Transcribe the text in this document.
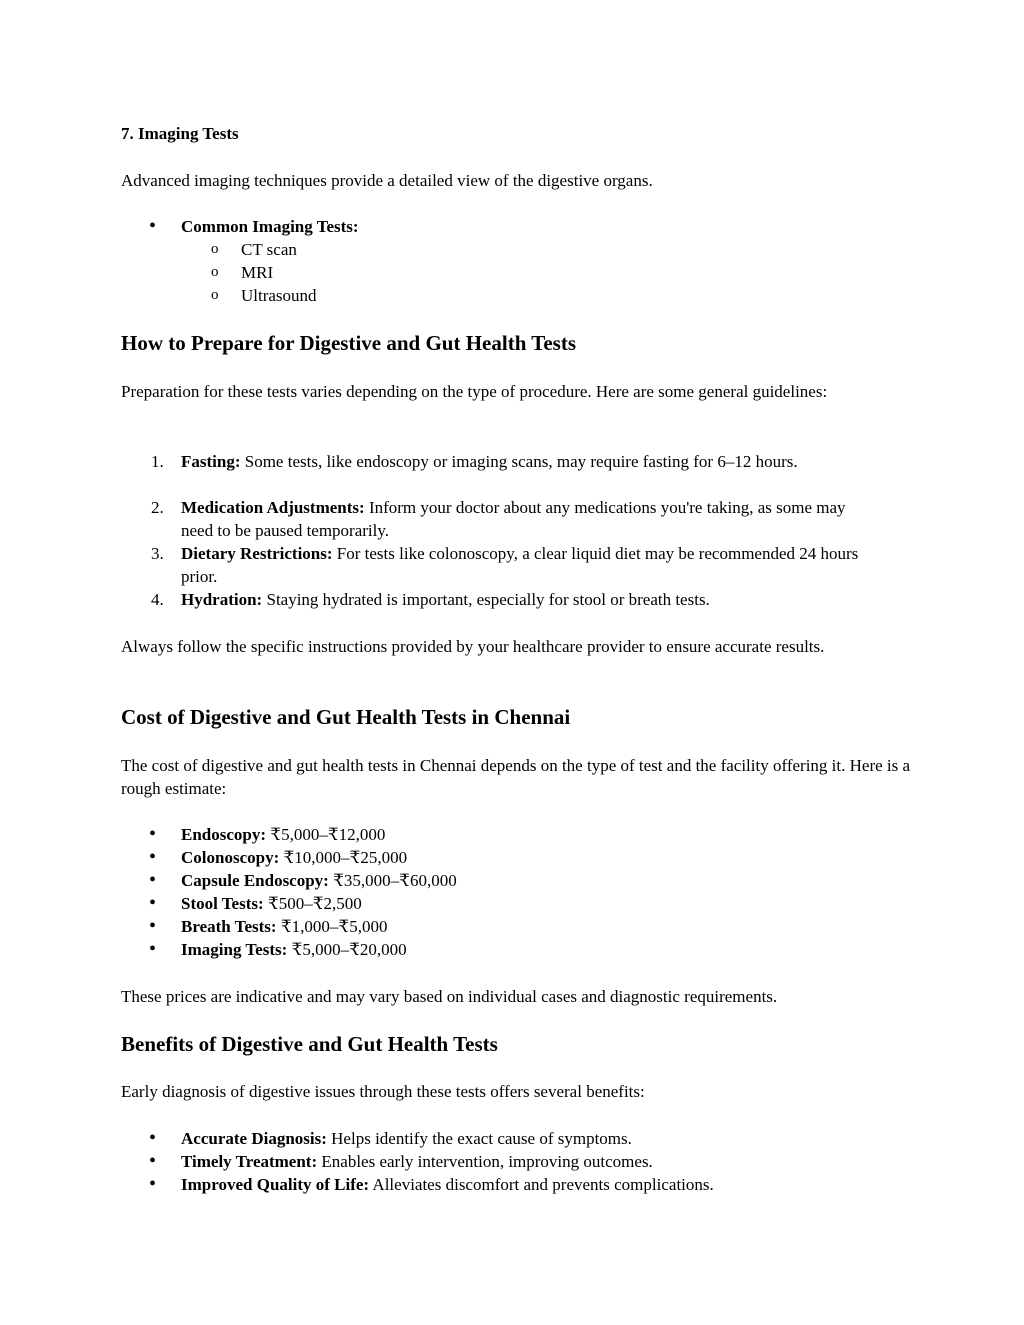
7. Imaging Tests
Advanced imaging techniques provide a detailed view of the digestive organs.
•	Common Imaging Tests:
o CT scan
o MRI
o Ultrasound
How to Prepare for Digestive and Gut Health Tests
Preparation for these tests varies depending on the type of procedure. Here are some general guidelines:
1. Fasting: Some tests, like endoscopy or imaging scans, may require fasting for 6–12 hours.
2. Medication Adjustments: Inform your doctor about any medications you're taking, as some may need to be paused temporarily.
3. Dietary Restrictions: For tests like colonoscopy, a clear liquid diet may be recommended 24 hours prior.
4. Hydration: Staying hydrated is important, especially for stool or breath tests.
Always follow the specific instructions provided by your healthcare provider to ensure accurate results.
Cost of Digestive and Gut Health Tests in Chennai
The cost of digestive and gut health tests in Chennai depends on the type of test and the facility offering it. Here is a rough estimate:
•	Endoscopy: ₹5,000–₹12,000
•	Colonoscopy: ₹10,000–₹25,000
•	Capsule Endoscopy: ₹35,000–₹60,000
•	Stool Tests: ₹500–₹2,500
•	Breath Tests: ₹1,000–₹5,000
•	Imaging Tests: ₹5,000–₹20,000
These prices are indicative and may vary based on individual cases and diagnostic requirements.
Benefits of Digestive and Gut Health Tests
Early diagnosis of digestive issues through these tests offers several benefits:
•	Accurate Diagnosis: Helps identify the exact cause of symptoms.
•	Timely Treatment: Enables early intervention, improving outcomes.
•	Improved Quality of Life: Alleviates discomfort and prevents complications.
